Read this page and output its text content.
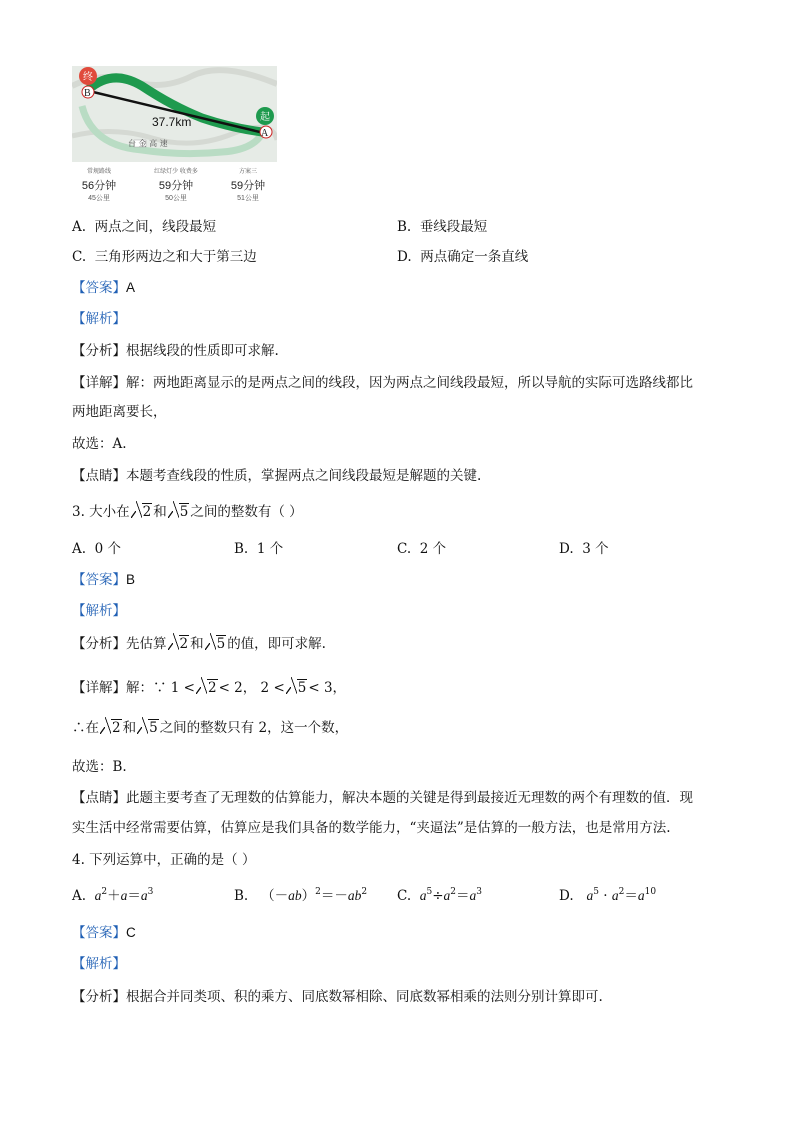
37.7km
台 金 高 速
终
B
起
A
常规路线
56分钟
45公里
红绿灯少 收费多
59分钟
50公里
方案三
59分钟
51公里
A. 两点之间，线段最短	B. 垂线段最短
C. 三角形两边之和大于第三边	D. 两点确定一条直线
【答案】A
【解析】
【分析】根据线段的性质即可求解.
【详解】解：两地距离显示的是两点之间的线段，因为两点之间线段最短，所以导航的实际可选路线都比
两地距离要长，
故选：A.
【点睛】本题考查线段的性质，掌握两点之间线段最短是解题的关键.
3. 大小在 2 和 5 之间的整数有（ ）
A. 0 个	B. 1 个	C. 2 个	D. 3 个
【答案】B
【解析】
【分析】先估算 2 和 5 的值，即可求解.
【详解】解：∵ 1 < 2 < 2， 2 < 5 < 3，
∴在 2 和 5 之间的整数只有 2，这一个数，
故选：B.
【点睛】此题主要考查了无理数的估算能力，解决本题的关键是得到最接近无理数的两个有理数的值．现
实生活中经常需要估算，估算应是我们具备的数学能力，“夹逼法”是估算的一般方法，也是常用方法.
4. 下列运算中，正确的是（ ）
A.  $a^2+a=a^3$	B.   $(-ab)^2=-ab^2$ C.  $a^5\div a^2=a^3$	D.   $a^5 \cdot a^2=a^{10}$
【答案】C
【解析】
【分析】根据合并同类项、积的乘方、同底数幂相除、同底数幂相乘的法则分别计算即可.
